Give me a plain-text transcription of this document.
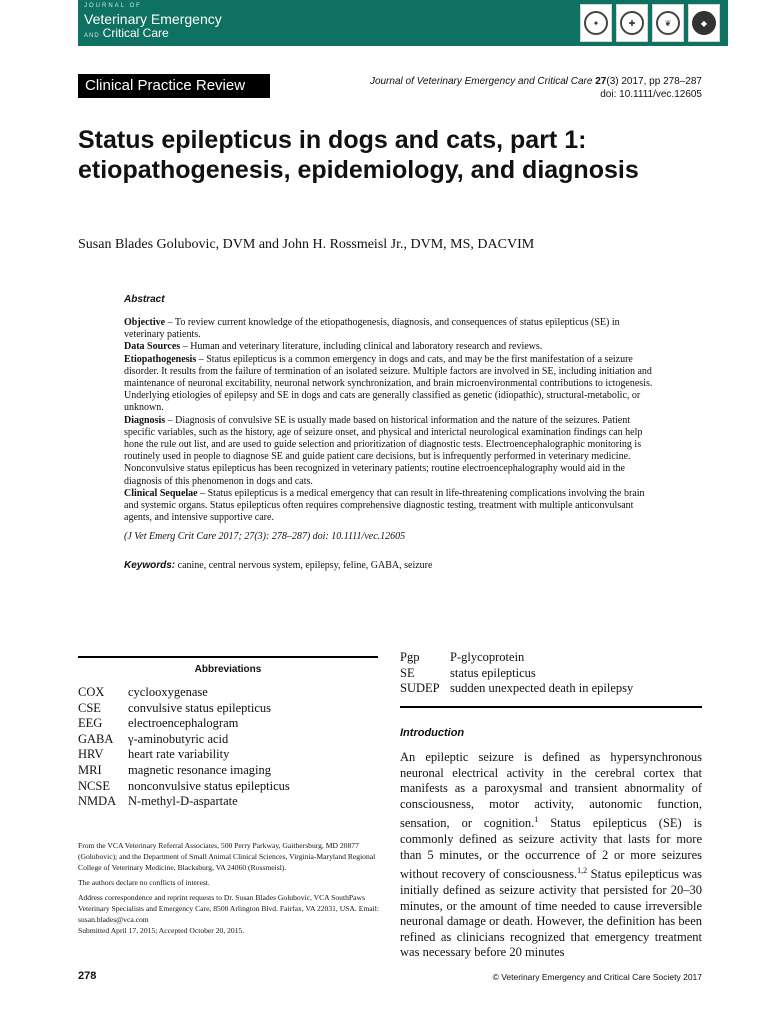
JOURNAL OF
Veterinary Emergency
AND Critical Care
✦	✚	❦	◆
Clinical Practice Review	Journal of Veterinary Emergency and Critical Care 27(3) 2017, pp 278–287
doi: 10.1111/vec.12605
Status epilepticus in dogs and cats, part 1: etiopathogenesis, epidemiology, and diagnosis
Susan Blades Golubovic, DVM and John H. Rossmeisl Jr., DVM, MS, DACVIM
Abstract

Objective – To review current knowledge of the etiopathogenesis, diagnosis, and consequences of status epilepticus (SE) in veterinary patients.

Data Sources – Human and veterinary literature, including clinical and laboratory research and reviews.

Etiopathogenesis – Status epilepticus is a common emergency in dogs and cats, and may be the first manifestation of a seizure disorder. It results from the failure of termination of an isolated seizure. Multiple factors are involved in SE, including initiation and maintenance of neuronal excitability, neuronal network synchronization, and brain microenvironmental contributions to ictogenesis. Underlying etiologies of epilepsy and SE in dogs and cats are generally classified as genetic (idiopathic), structural-metabolic, or unknown.

Diagnosis – Diagnosis of convulsive SE is usually made based on historical information and the nature of the seizures. Patient specific variables, such as the history, age of seizure onset, and physical and interictal neurological examination findings can help hone the rule out list, and are used to guide selection and prioritization of diagnostic tests. Electroencephalographic monitoring is routinely used in people to diagnose SE and guide patient care decisions, but is infrequently performed in veterinary medicine. Nonconvulsive status epilepticus has been recognized in veterinary patients; routine electroencephalography would aid in the diagnosis of this phenomenon in dogs and cats.

Clinical Sequelae – Status epilepticus is a medical emergency that can result in life-threatening complications involving the brain and systemic organs. Status epilepticus often requires comprehensive diagnostic testing, treatment with multiple anticonvulsant agents, and intensive supportive care.

(J Vet Emerg Crit Care 2017; 27(3): 278–287) doi: 10.1111/vec.12605

Keywords: canine, central nervous system, epilepsy, feline, GABA, seizure

Abbreviations
COX	cyclooxygenase
CSE	convulsive status epilepticus
EEG	electroencephalogram
GABA	γ-aminobutyric acid
HRV	heart rate variability
MRI	magnetic resonance imaging
NCSE	nonconvulsive status epilepticus
NMDA N-methyl-D-aspartate
Pgp	P-glycoprotein
SE	status epilepticus
SUDEP sudden unexpected death in epilepsy

From the VCA Veterinary Referral Associates, 500 Perry Parkway, Gaithersburg, MD 20877 (Golubovic); and the Department of Small Animal Clinical Sciences, Virginia-Maryland Regional College of Veterinary Medicine, Blacksburg, VA 24060 (Rossmeisl).

The authors declare no conflicts of interest.

Address correspondence and reprint requests to Dr. Susan Blades Golubovic, VCA SouthPaws Veterinary Specialists and Emergency Care, 8500 Arlington Blvd. Fairfax, VA 22031, USA. Email: susan.blades@vca.com

Submitted April 17, 2015; Accepted October 20, 2015.

Introduction
An epileptic seizure is defined as hypersynchronous neuronal electrical activity in the cerebral cortex that manifests as a paroxysmal and transient abnormality of consciousness, motor activity, autonomic function, sensation, or cognition.$^1$ Status epilepticus (SE) is commonly defined as seizure activity that lasts for more than 5 minutes, or the occurrence of 2 or more seizures without recovery of consciousness.$^{1,2}$ Status epilepticus was initially defined as seizure activity that persisted for 20–30 minutes, or the amount of time needed to cause irreversible neuronal damage or death. However, the definition has been refined as clinicians recognized that emergency treatment was necessary before 20 minutes
278	© Veterinary Emergency and Critical Care Society 2017
